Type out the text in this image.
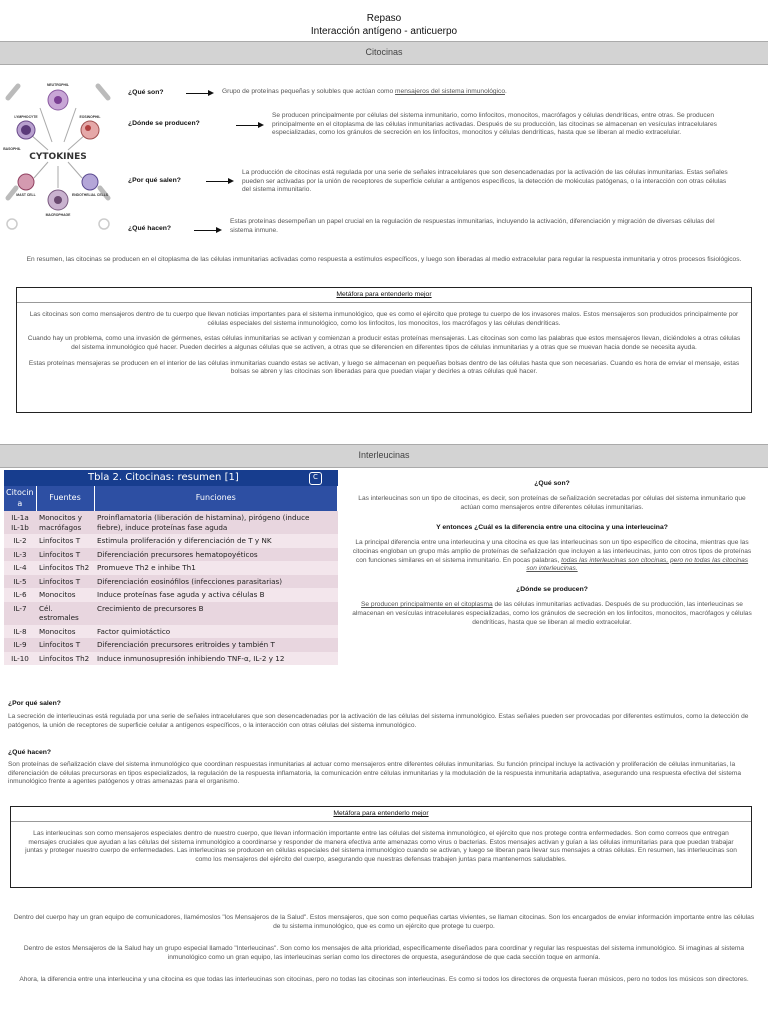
Repaso
Interacción antígeno - anticuerpo
Citocinas
CYTOKINES
NEUTROPHIL
LYMPHOCYTE	EOSINOPHIL
MAST CELL	ENDOTHELIAL CELLS
MACROPHAGE
BASOPHIL
¿Qué son?	Grupo de proteínas pequeñas y solubles que actúan como mensajeros del sistema inmunológico.
¿Dónde se producen?
Se producen principalmente por células del sistema inmunitario, como linfocitos, monocitos, macrófagos y células dendríticas, entre otras. Se producen principalmente en el citoplasma de las células inmunitarias activadas. Después de su producción, las citocinas se almacenan en vesículas intracelulares especializadas, como los gránulos de secreción en los linfocitos, monocitos y células dendríticas, hasta que se liberan al medio extracelular.
¿Por qué salen?
La producción de citocinas está regulada por una serie de señales intracelulares que son desencadenadas por la activación de las células inmunitarias. Estas señales pueden ser activadas por la unión de receptores de superficie celular a antígenos específicos, la detección de moléculas patógenas, o la interacción con otras células del sistema inmunitario.
¿Qué hacen?
Estas proteínas desempeñan un papel crucial en la regulación de respuestas inmunitarias, incluyendo la activación, diferenciación y migración de diversas células del sistema inmune.
En resumen, las citocinas se producen en el citoplasma de las células inmunitarias activadas como respuesta a estímulos específicos, y luego son liberadas al medio extracelular para regular la respuesta inmunitaria y otros procesos fisiológicos.
Metáfora para entenderlo mejor

Las citocinas son como mensajeros dentro de tu cuerpo que llevan noticias importantes para el sistema inmunológico, que es como el ejército que protege tu cuerpo de los invasores malos. Estos mensajeros son producidos principalmente por células especiales del sistema inmunológico, como los linfocitos, los monocitos, los macrófagos y las células dendríticas.

Cuando hay un problema, como una invasión de gérmenes, estas células inmunitarias se activan y comienzan a producir estas proteínas mensajeras. Las citocinas son como las palabras que estos mensajeros llevan, diciéndoles a otras células del sistema inmunológico qué hacer. Pueden decirles a algunas células que se activen, a otras que se diferencien en diferentes tipos de células inmunitarias y a otras que se muevan hacia donde se necesita ayuda.

Estas proteínas mensajeras se producen en el interior de las células inmunitarias cuando estas se activan, y luego se almacenan en pequeñas bolsas dentro de las células hasta que son necesarias. Cuando es hora de enviar el mensaje, estas bolsas se abren y las citocinas son liberadas para que puedan viajar y decirles a otras células qué hacer.

Interleucinas
Tbla 2. Citocinas: resumen [1]	C
Citocin a	Fuentes	Funciones
IL-1a IL-1b	Monocitos y macrófagos	Proinflamatoria (liberación de histamina), pirógeno (induce fiebre), induce proteínas fase aguda
IL-2	Linfocitos T	Estimula proliferación y diferenciación de T y NK
IL-3	Linfocitos T	Diferenciación precursores hematopoyéticos
IL-4	Linfocitos Th2	Promueve Th2 e inhibe Th1
IL-5	Linfocitos T	Diferenciación eosinófilos (infecciones parasitarias)
IL-6	Monocitos	Induce proteínas fase aguda y activa células B
IL-7	Cél. estromales	Crecimiento de precursores B
IL-8	Monocitos	Factor quimiotáctico
IL-9	Linfocitos T	Diferenciación precursores eritroides y también T
IL-10	Linfocitos Th2	Induce inmunosupresión inhibiendo TNF-α, IL-2 y 12
¿Qué son?
Las interleucinas son un tipo de citocinas, es decir, son proteínas de señalización secretadas por células del sistema inmunitario que actúan como mensajeros entre diferentes células inmunitarias.
Y entonces ¿Cuál es la diferencia entre una citocina y una interleucina?
La principal diferencia entre una interleucina y una citocina es que las interleucinas son un tipo específico de citocina, mientras que las citocinas engloban un grupo más amplio de proteínas de señalización que incluyen a las interleucinas, junto con otros tipos de proteínas con funciones similares en el sistema inmunitario. En pocas palabras, todas las interleucinas son citocinas, pero no todas las citocinas son interleucinas.
¿Dónde se producen?
Se producen principalmente en el citoplasma de las células inmunitarias activadas. Después de su producción, las interleucinas se almacenan en vesículas intracelulares especializadas, como los gránulos de secreción en los linfocitos, monocitos, macrófagos y células dendríticas, hasta que se liberan al medio extracelular.
¿Por qué salen?
La secreción de interleucinas está regulada por una serie de señales intracelulares que son desencadenadas por la activación de las células del sistema inmunológico. Estas señales pueden ser provocadas por diferentes estímulos, como la detección de patógenos, la unión de receptores de superficie celular a antígenos específicos, o la interacción con otras células del sistema inmunológico.
¿Qué hacen?
Son proteínas de señalización clave del sistema inmunológico que coordinan respuestas inmunitarias al actuar como mensajeros entre diferentes células inmunitarias. Su función principal incluye la activación y proliferación de células inmunitarias, la diferenciación de células precursoras en tipos especializados, la regulación de la respuesta inflamatoria, la comunicación entre células inmunitarias y la modulación de la respuesta inmunitaria adaptativa, asegurando una respuesta efectiva del sistema inmunológico frente a agentes patógenos y otras amenazas para el organismo.
Metáfora para entenderlo mejor

Las interleucinas son como mensajeros especiales dentro de nuestro cuerpo, que llevan información importante entre las células del sistema inmunológico, el ejército que nos protege contra enfermedades. Son como correos que entregan mensajes cruciales que ayudan a las células del sistema inmunológico a coordinarse y responder de manera efectiva ante amenazas como virus o bacterias. Estos mensajes activan y guían a las células inmunitarias para que puedan trabajar juntas y proteger nuestro cuerpo de enfermedades. Las interleucinas se producen en células especiales del sistema inmunológico cuando se activan, y luego se liberan para llevar sus mensajes a otras células. En resumen, las interleucinas son como los mensajeros del ejército del cuerpo, asegurando que nuestras defensas trabajen juntas para mantenernos saludables.

Dentro del cuerpo hay un gran equipo de comunicadores, llamémoslos "los Mensajeros de la Salud". Estos mensajeros, que son como pequeñas cartas vivientes, se llaman citocinas. Son los encargados de enviar información importante entre las células de tu sistema inmunológico, que es como un ejército que protege tu cuerpo.
Dentro de estos Mensajeros de la Salud hay un grupo especial llamado "Interleucinas". Son como los mensajes de alta prioridad, específicamente diseñados para coordinar y regular las respuestas del sistema inmunológico. Si imaginas al sistema inmunológico como un gran equipo, las interleucinas serían como los directores de orquesta, asegurándose de que cada sección toque en armonía.
Ahora, la diferencia entre una interleucina y una citocina es que todas las interleucinas son citocinas, pero no todas las citocinas son interleucinas. Es como si todos los directores de orquesta fueran músicos, pero no todos los músicos son directores.
